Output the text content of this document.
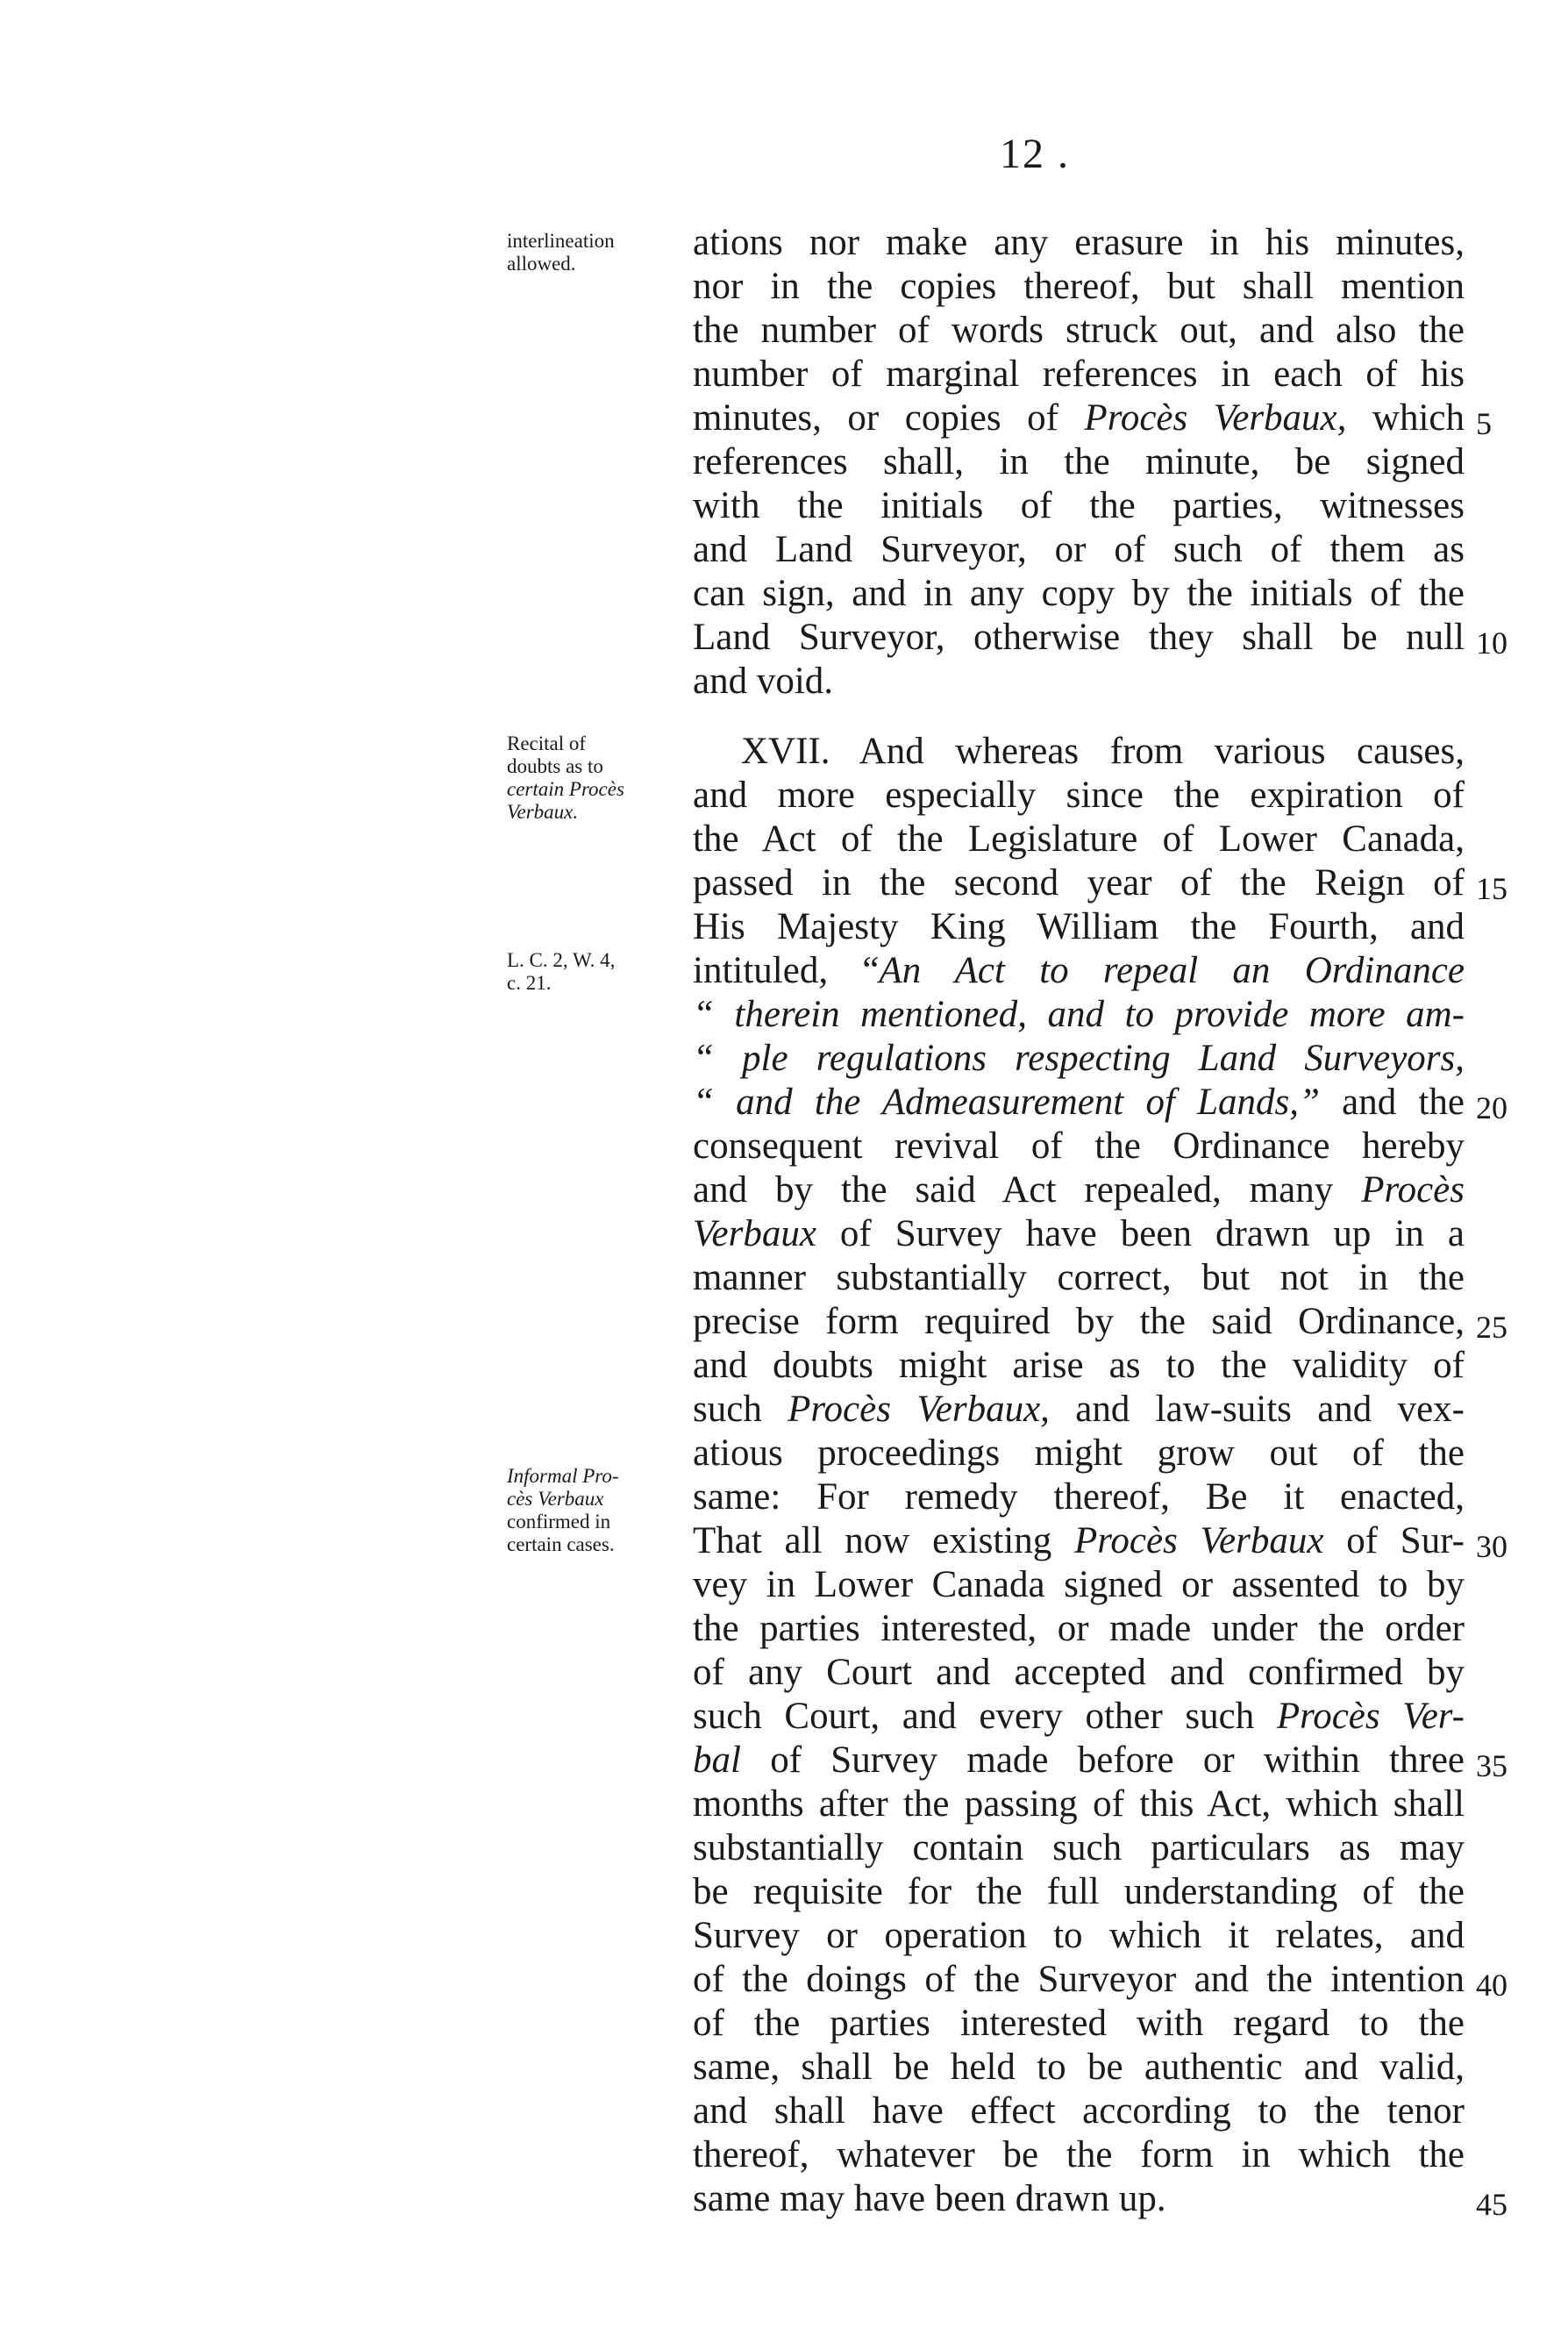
12 .
interlineation
allowed.
Recital of
doubts as to
certain Procès
Verbaux.
L. C. 2, W. 4,
c. 21.
Informal Pro-
cès Verbaux
confirmed in
certain cases.
ations nor make any erasure in his minutes,
nor in the copies thereof, but shall mention
the number of words struck out, and also the
number of marginal references in each of his
minutes, or copies of Procès Verbaux, which
references shall, in the minute, be signed
with the initials of the parties, witnesses
and Land Surveyor, or of such of them as
can sign, and in any copy by the initials of the
Land Surveyor, otherwise they shall be null
and void.
XVII. And whereas from various causes,
and more especially since the expiration of
the Act of the Legislature of Lower Canada,
passed in the second year of the Reign of
His Majesty King William the Fourth, and
intituled, “An Act to repeal an Ordinance
“ therein mentioned, and to provide more am-
“ ple regulations respecting Land Surveyors,
“ and the Admeasurement of Lands,” and the
consequent revival of the Ordinance hereby
and by the said Act repealed, many Procès
Verbaux of Survey have been drawn up in a
manner substantially correct, but not in the
precise form required by the said Ordinance,
and doubts might arise as to the validity of
such Procès Verbaux, and law-suits and vex-
atious proceedings might grow out of the
same: For remedy thereof, Be it enacted,
That all now existing Procès Verbaux of Sur-
vey in Lower Canada signed or assented to by
the parties interested, or made under the order
of any Court and accepted and confirmed by
such Court, and every other such Procès Ver-
bal of Survey made before or within three
months after the passing of this Act, which shall
substantially contain such particulars as may
be requisite for the full understanding of the
Survey or operation to which it relates, and
of the doings of the Surveyor and the intention
of the parties interested with regard to the
same, shall be held to be authentic and valid,
and shall have effect according to the tenor
thereof, whatever be the form in which the
same may have been drawn up.
5
10
15
20
25
30
35
40
45
